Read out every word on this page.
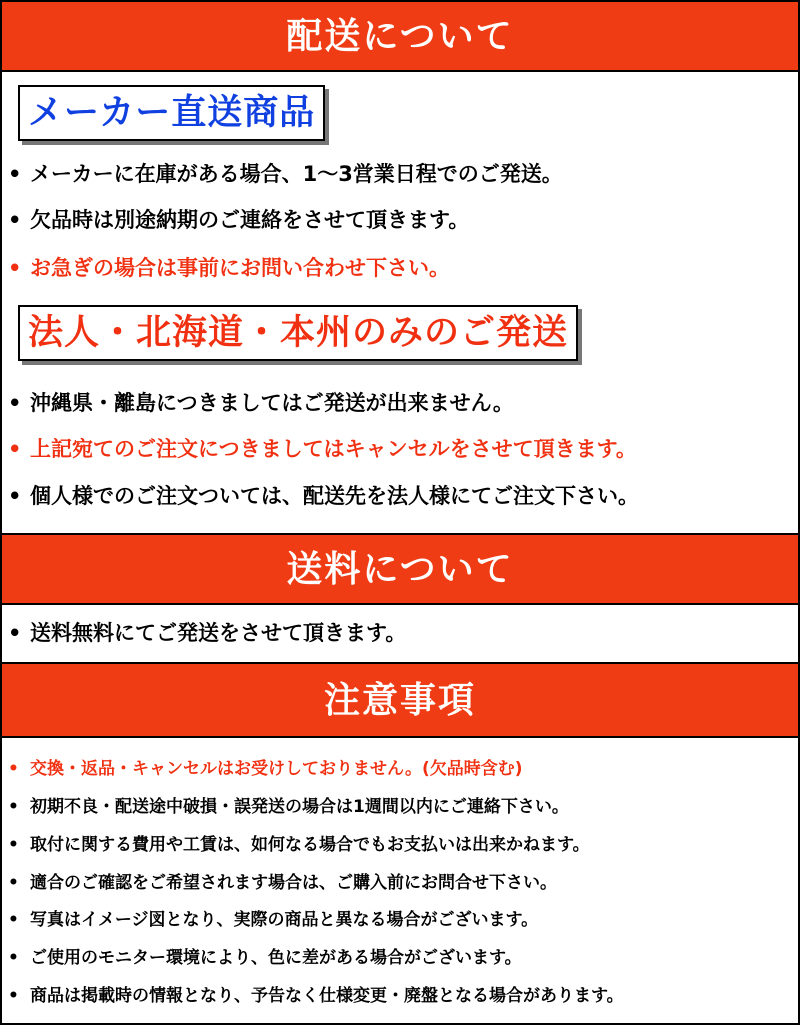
配送について
メーカー直送商品
• メーカーに在庫がある場合、1～3営業日程でのご発送。
• 欠品時は別途納期のご連絡をさせて頂きます。
• お急ぎの場合は事前にお問い合わせ下さい。
法人・北海道・本州のみのご発送
• 沖縄県・離島につきましてはご発送が出来ません。
• 上記宛てのご注文につきましてはキャンセルをさせて頂きます。
• 個人様でのご注文ついては、配送先を法人様にてご注文下さい。
送料について
• 送料無料にてご発送をさせて頂きます。
注意事項
• 交換・返品・キャンセルはお受けしておりません。(欠品時含む)
• 初期不良・配送途中破損・誤発送の場合は1週間以内にご連絡下さい。
• 取付に関する費用や工賃は、如何なる場合でもお支払いは出来かねます。
• 適合のご確認をご希望されます場合は、ご購入前にお問合せ下さい。
• 写真はイメージ図となり、実際の商品と異なる場合がございます。
• ご使用のモニター環境により、色に差がある場合がございます。
• 商品は掲載時の情報となり、予告なく仕様変更・廃盤となる場合があります。
